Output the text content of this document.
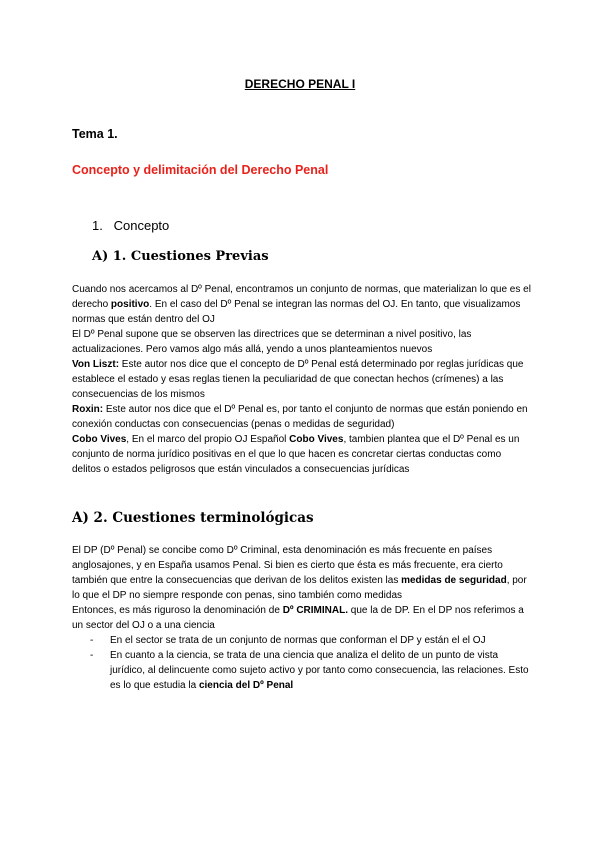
DERECHO PENAL I
Tema 1.
Concepto y delimitación del Derecho Penal
1. Concepto
A) 1. Cuestiones Previas

Cuando nos acercamos al Dº Penal, encontramos un conjunto de normas, que materializan lo que es el derecho positivo. En el caso del Dº Penal se integran las normas del OJ. En tanto, que visualizamos normas que están dentro del OJ

El Dº Penal supone que se observen las directrices que se determinan a nivel positivo, las actualizaciones. Pero vamos algo más allá, yendo a unos planteamientos nuevos

Von Liszt: Este autor nos dice que el concepto de Dº Penal está determinado por reglas jurídicas que establece el estado y esas reglas tienen la peculiaridad de que conectan hechos (crímenes) a las consecuencias de los mismos

Roxin: Este autor nos dice que el Dº Penal es, por tanto el conjunto de normas que están poniendo en conexión conductas con consecuencias (penas o medidas de seguridad)

Cobo Vives, En el marco del propio OJ Español Cobo Vives, tambien plantea que el Dº Penal es un conjunto de norma jurídico positivas en el que lo que hacen es concretar ciertas conductas como delitos o estados peligrosos que están vinculados a consecuencias jurídicas

A) 2. Cuestiones terminológicas

El DP (Dº Penal) se concibe como Dº Criminal, esta denominación es más frecuente en países anglosajones, y en España usamos Penal. Si bien es cierto que ésta es más frecuente, era cierto también que entre la consecuencias que derivan de los delitos existen las medidas de seguridad, por lo que el DP no siempre responde con penas, sino también como medidas

Entonces, es más riguroso la denominación de Dº CRIMINAL. que la de DP. En el DP nos referimos a un sector del OJ o a una ciencia

- En el sector se trata de un conjunto de normas que conforman el DP y están el el OJ
- En cuanto a la ciencia, se trata de una ciencia que analiza el delito de un punto de vista jurídico, al delincuente como sujeto activo y por tanto como consecuencia, las relaciones. Esto es lo que estudia la ciencia del Dº Penal
